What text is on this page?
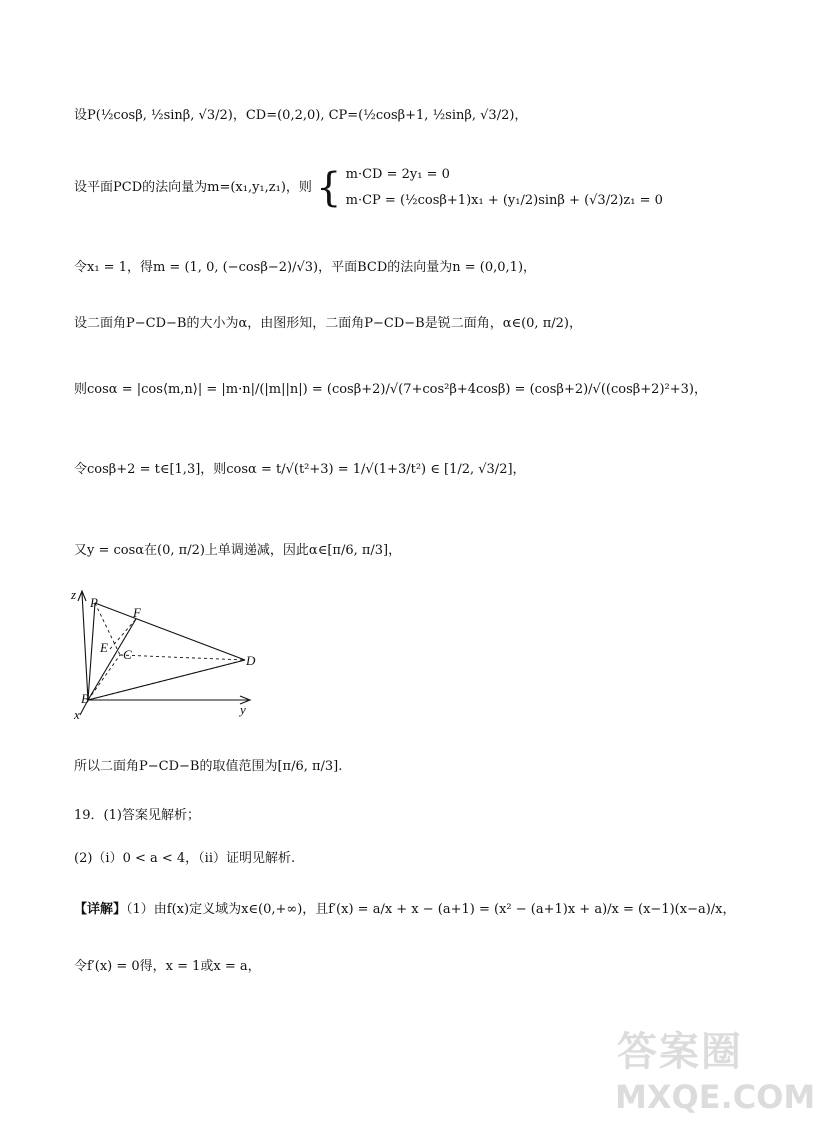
设P(½cosβ, ½sinβ, √3/2)，CD=(0,2,0), CP=(½cosβ+1, ½sinβ, √3/2)，
设平面PCD的法向量为m=(x₁,y₁,z₁)，则 { m·CD = 2y₁ = 0
m·CP = (½cosβ+1)x₁ + (y₁/2)sinβ + (√3/2)z₁ = 0
令x₁ = 1，得m = (1, 0, (−cosβ−2)/√3)，平面BCD的法向量为n = (0,0,1)，
设二面角P−CD−B的大小为α，由图形知，二面角P−CD−B是锐二面角，α∈(0, π/2)，
则cosα = |cos⟨m,n⟩| = |m·n|/(|m||n|) = (cosβ+2)/√(7+cos²β+4cosβ) = (cosβ+2)/√((cosβ+2)²+3)，
令cosβ+2 = t∈[1,3]，则cosα = t/√(t²+3) = 1/√(1+3/t²) ∈ [1/2, √3/2]，
又y = cosα在(0, π/2)上单调递减，因此α∈[π/6, π/3]，
z
P
F
E C	D
B
x	y
所以二面角P−CD−B的取值范围为[π/6, π/3].
19．(1)答案见解析；
(2)（i）0 < a < 4，（ii）证明见解析.
【详解】（1）由f(x)定义域为x∈(0,+∞)，且f′(x) = a/x + x − (a+1) = (x² − (a+1)x + a)/x = (x−1)(x−a)/x，
令f′(x) = 0得，x = 1或x = a，
答案圈
MXQE.COM
